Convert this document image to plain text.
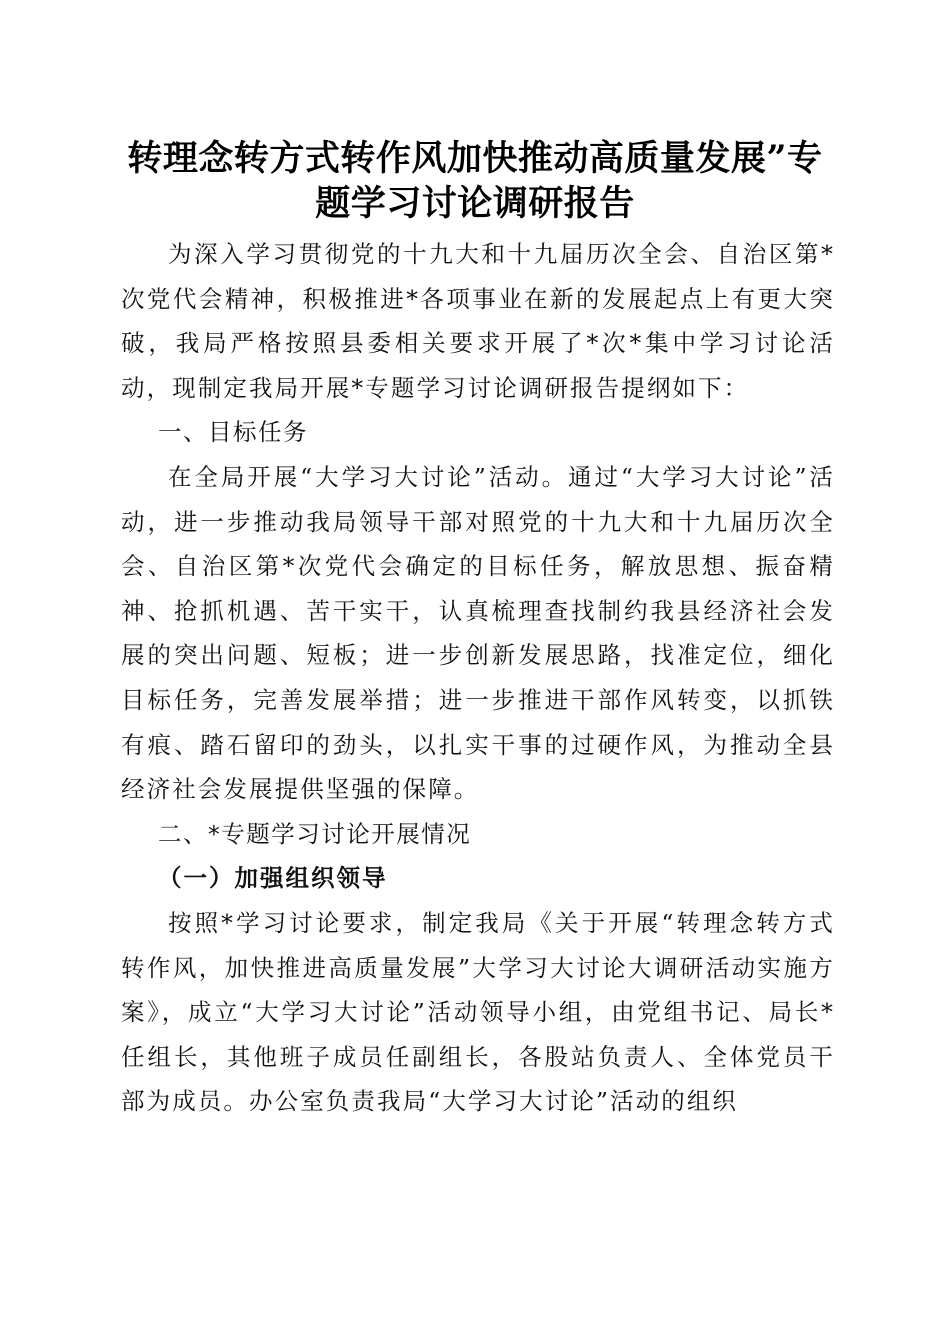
转理念转方式转作风加快推动高质量发展”专
题学习讨论调研报告

为深入学习贯彻党的十九大和十九届历次全会、自治区第*次党代会精神，积极推进*各项事业在新的发展起点上有更大突破，我局严格按照县委相关要求开展了*次*集中学习讨论活动，现制定我局开展*专题学习讨论调研报告提纲如下：

一、目标任务

在全局开展“大学习大讨论”活动。通过“大学习大讨论”活动，进一步推动我局领导干部对照党的十九大和十九届历次全会、自治区第*次党代会确定的目标任务，解放思想、振奋精神、抢抓机遇、苦干实干，认真梳理查找制约我县经济社会发展的突出问题、短板；进一步创新发展思路，找准定位，细化目标任务，完善发展举措；进一步推进干部作风转变，以抓铁有痕、踏石留印的劲头，以扎实干事的过硬作风，为推动全县经济社会发展提供坚强的保障。

二、*专题学习讨论开展情况
（一）加强组织领导

按照*学习讨论要求，制定我局《关于开展“转理念转方式转作风，加快推进高质量发展”大学习大讨论大调研活动实施方案》，成立“大学习大讨论”活动领导小组，由党组书记、局长*任组长，其他班子成员任副组长，各股站负责人、全体党员干部为成员。办公室负责我局“大学习大讨论”活动的组织
